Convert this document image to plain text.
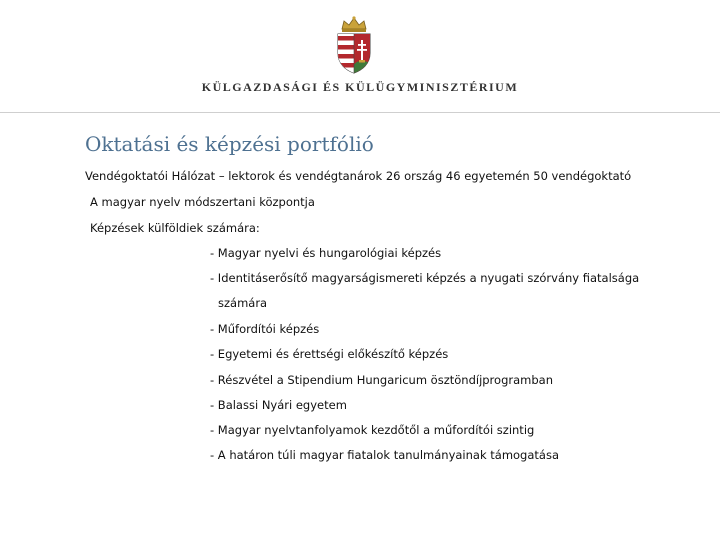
KÜLGAZDASÁGI ÉS KÜLÜGYMINISZTÉRIUM
Oktatási és képzési portfólió
Vendégoktatói Hálózat – lektorok és vendégtanárok 26 ország 46 egyetemén 50 vendégoktató
A magyar nyelv módszertani központja
Képzések külföldiek számára:
- Magyar nyelvi és hungarológiai képzés
- Identitáserősítő magyarságismereti képzés a nyugati szórvány fiatalsága
számára
- Műfordítói képzés
- Egyetemi és érettségi előkészítő képzés
- Részvétel a Stipendium Hungaricum ösztöndíjprogramban
- Balassi Nyári egyetem
- Magyar nyelvtanfolyamok kezdőtől a műfordítói szintig
- A határon túli magyar fiatalok tanulmányainak támogatása
